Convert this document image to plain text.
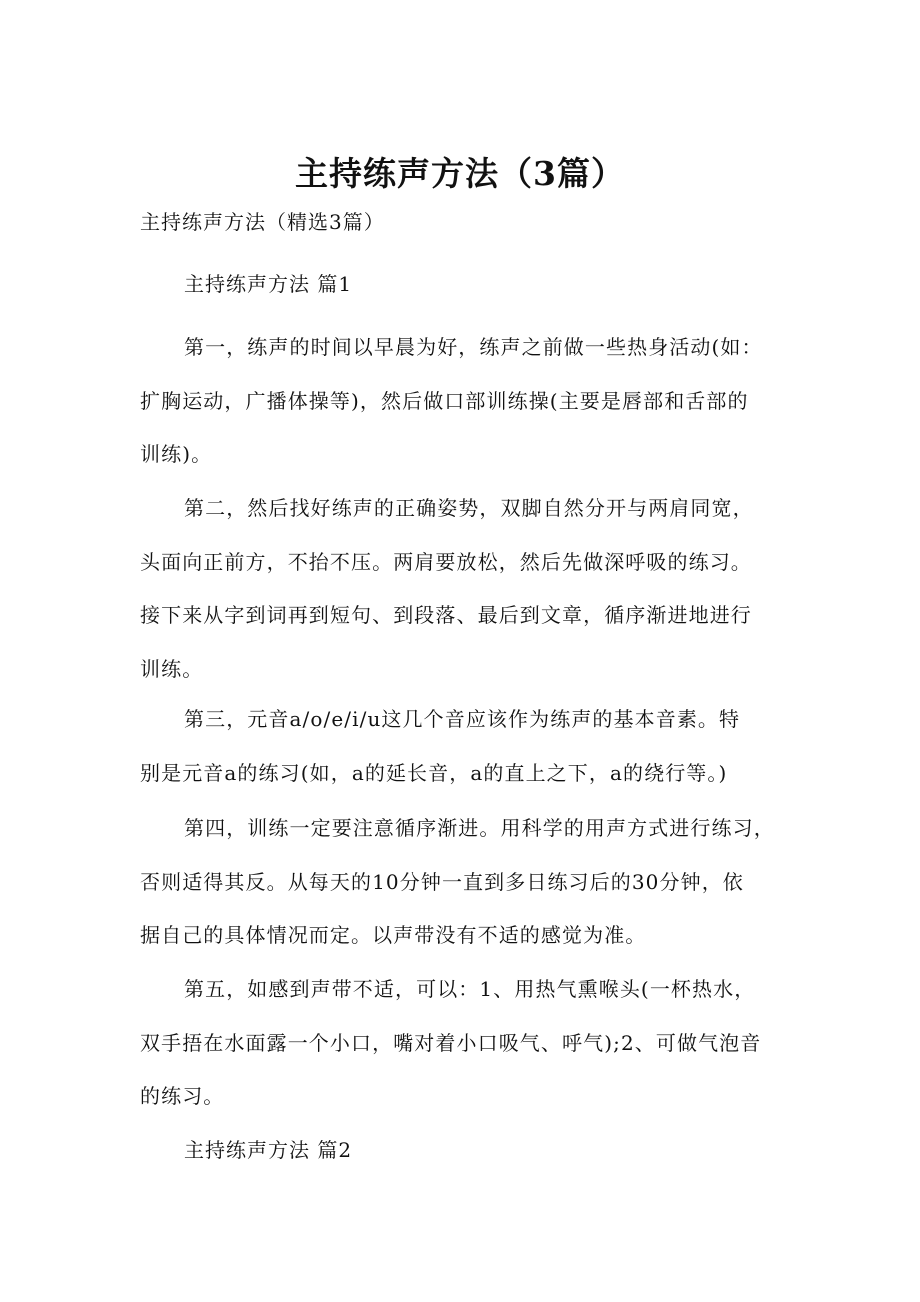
主持练声方法（3篇）
主持练声方法（精选3篇）
主持练声方法 篇1
第一，练声的时间以早晨为好，练声之前做一些热身活动(如：
扩胸运动，广播体操等)，然后做口部训练操(主要是唇部和舌部的
训练)。
第二，然后找好练声的正确姿势，双脚自然分开与两肩同宽，
头面向正前方，不抬不压。两肩要放松，然后先做深呼吸的练习。
接下来从字到词再到短句、到段落、最后到文章，循序渐进地进行
训练。
第三，元音a/o/e/i/u这几个音应该作为练声的基本音素。特
别是元音a的练习(如，a的延长音，a的直上之下，a的绕行等。)
第四，训练一定要注意循序渐进。用科学的用声方式进行练习，
否则适得其反。从每天的10分钟一直到多日练习后的30分钟，依
据自己的具体情况而定。以声带没有不适的感觉为准。
第五，如感到声带不适，可以：1、用热气熏喉头(一杯热水，
双手捂在水面露一个小口，嘴对着小口吸气、呼气);2、可做气泡音
的练习。
主持练声方法 篇2
